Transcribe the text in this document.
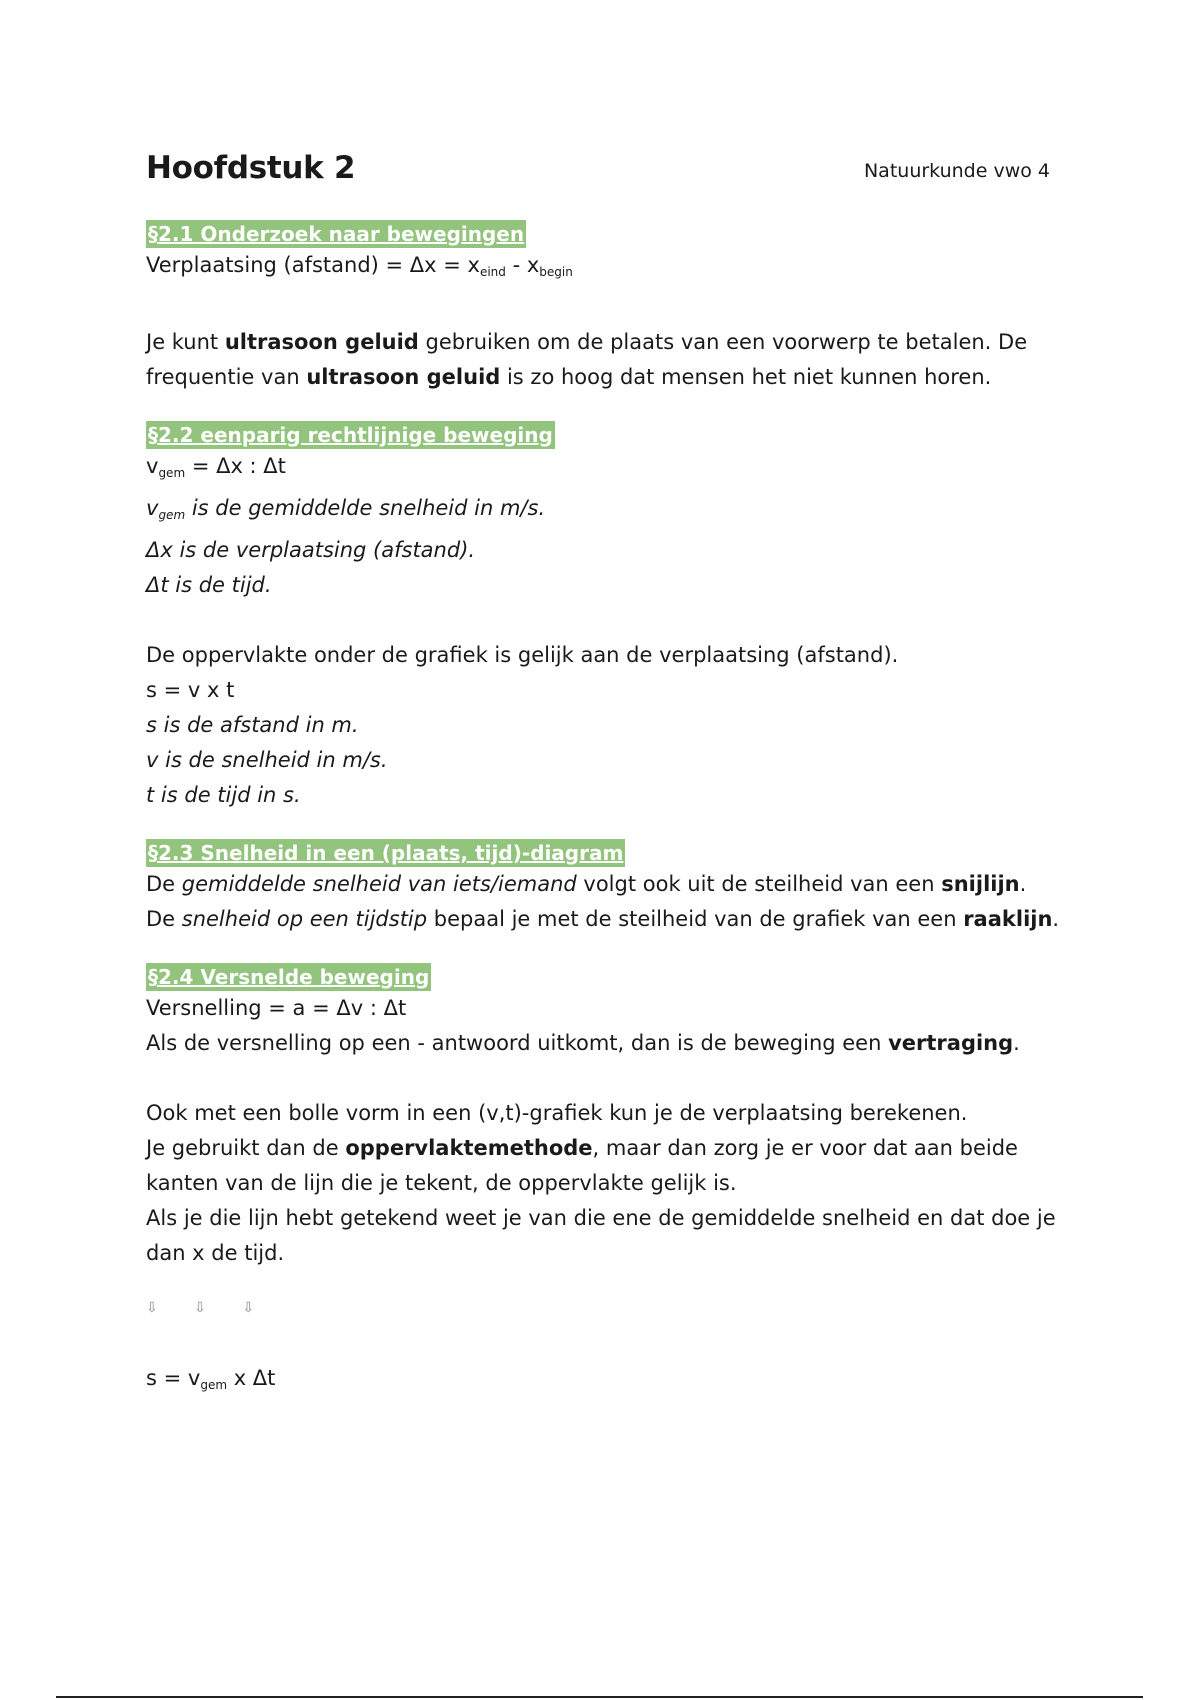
Hoofdstuk 2	Natuurkunde vwo 4
§2.1 Onderzoek naar bewegingen
Verplaatsing $(afstand) = \Delta x = x_{eind} - x_{begin}$
Je kunt ultrasoon geluid gebruiken om de plaats van een voorwerp te betalen. De
frequentie van ultrasoon geluid is zo hoog dat mensen het niet kunnen horen.
§2.2 eenparig rechtlijnige beweging
$v_{gem} = \Delta x$ : Δt
$v_{gem}$ is de gemiddelde snelheid in m/s.
Δx is de verplaatsing (afstand).
Δt is de tijd.
De oppervlakte onder de grafiek is gelijk aan de verplaatsing (afstand).
s = v x t
s is de afstand in m.
v is de snelheid in m/s.
t is de tijd in s.
§2.3 Snelheid in een (plaats, tijd)-diagram
De gemiddelde snelheid van iets/iemand volgt ook uit de steilheid van een snijlijn.
De snelheid op een tijdstip bepaal je met de steilheid van de grafiek van een raaklijn.
§2.4 Versnelde beweging
Versnelling = a = Δv : Δt
Als de versnelling op een - antwoord uitkomt, dan is de beweging een vertraging.
Ook met een bolle vorm in een (v,t)-grafiek kun je de verplaatsing berekenen.
Je gebruikt dan de oppervlaktemethode, maar dan zorg je er voor dat aan beide
kanten van de lijn die je tekent, de oppervlakte gelijk is.
Als je die lijn hebt getekend weet je van die ene de gemiddelde snelheid en dat doe je
dan x de tijd.
⇩ ⇩ ⇩
$s = v_{gem}$ x Δt
